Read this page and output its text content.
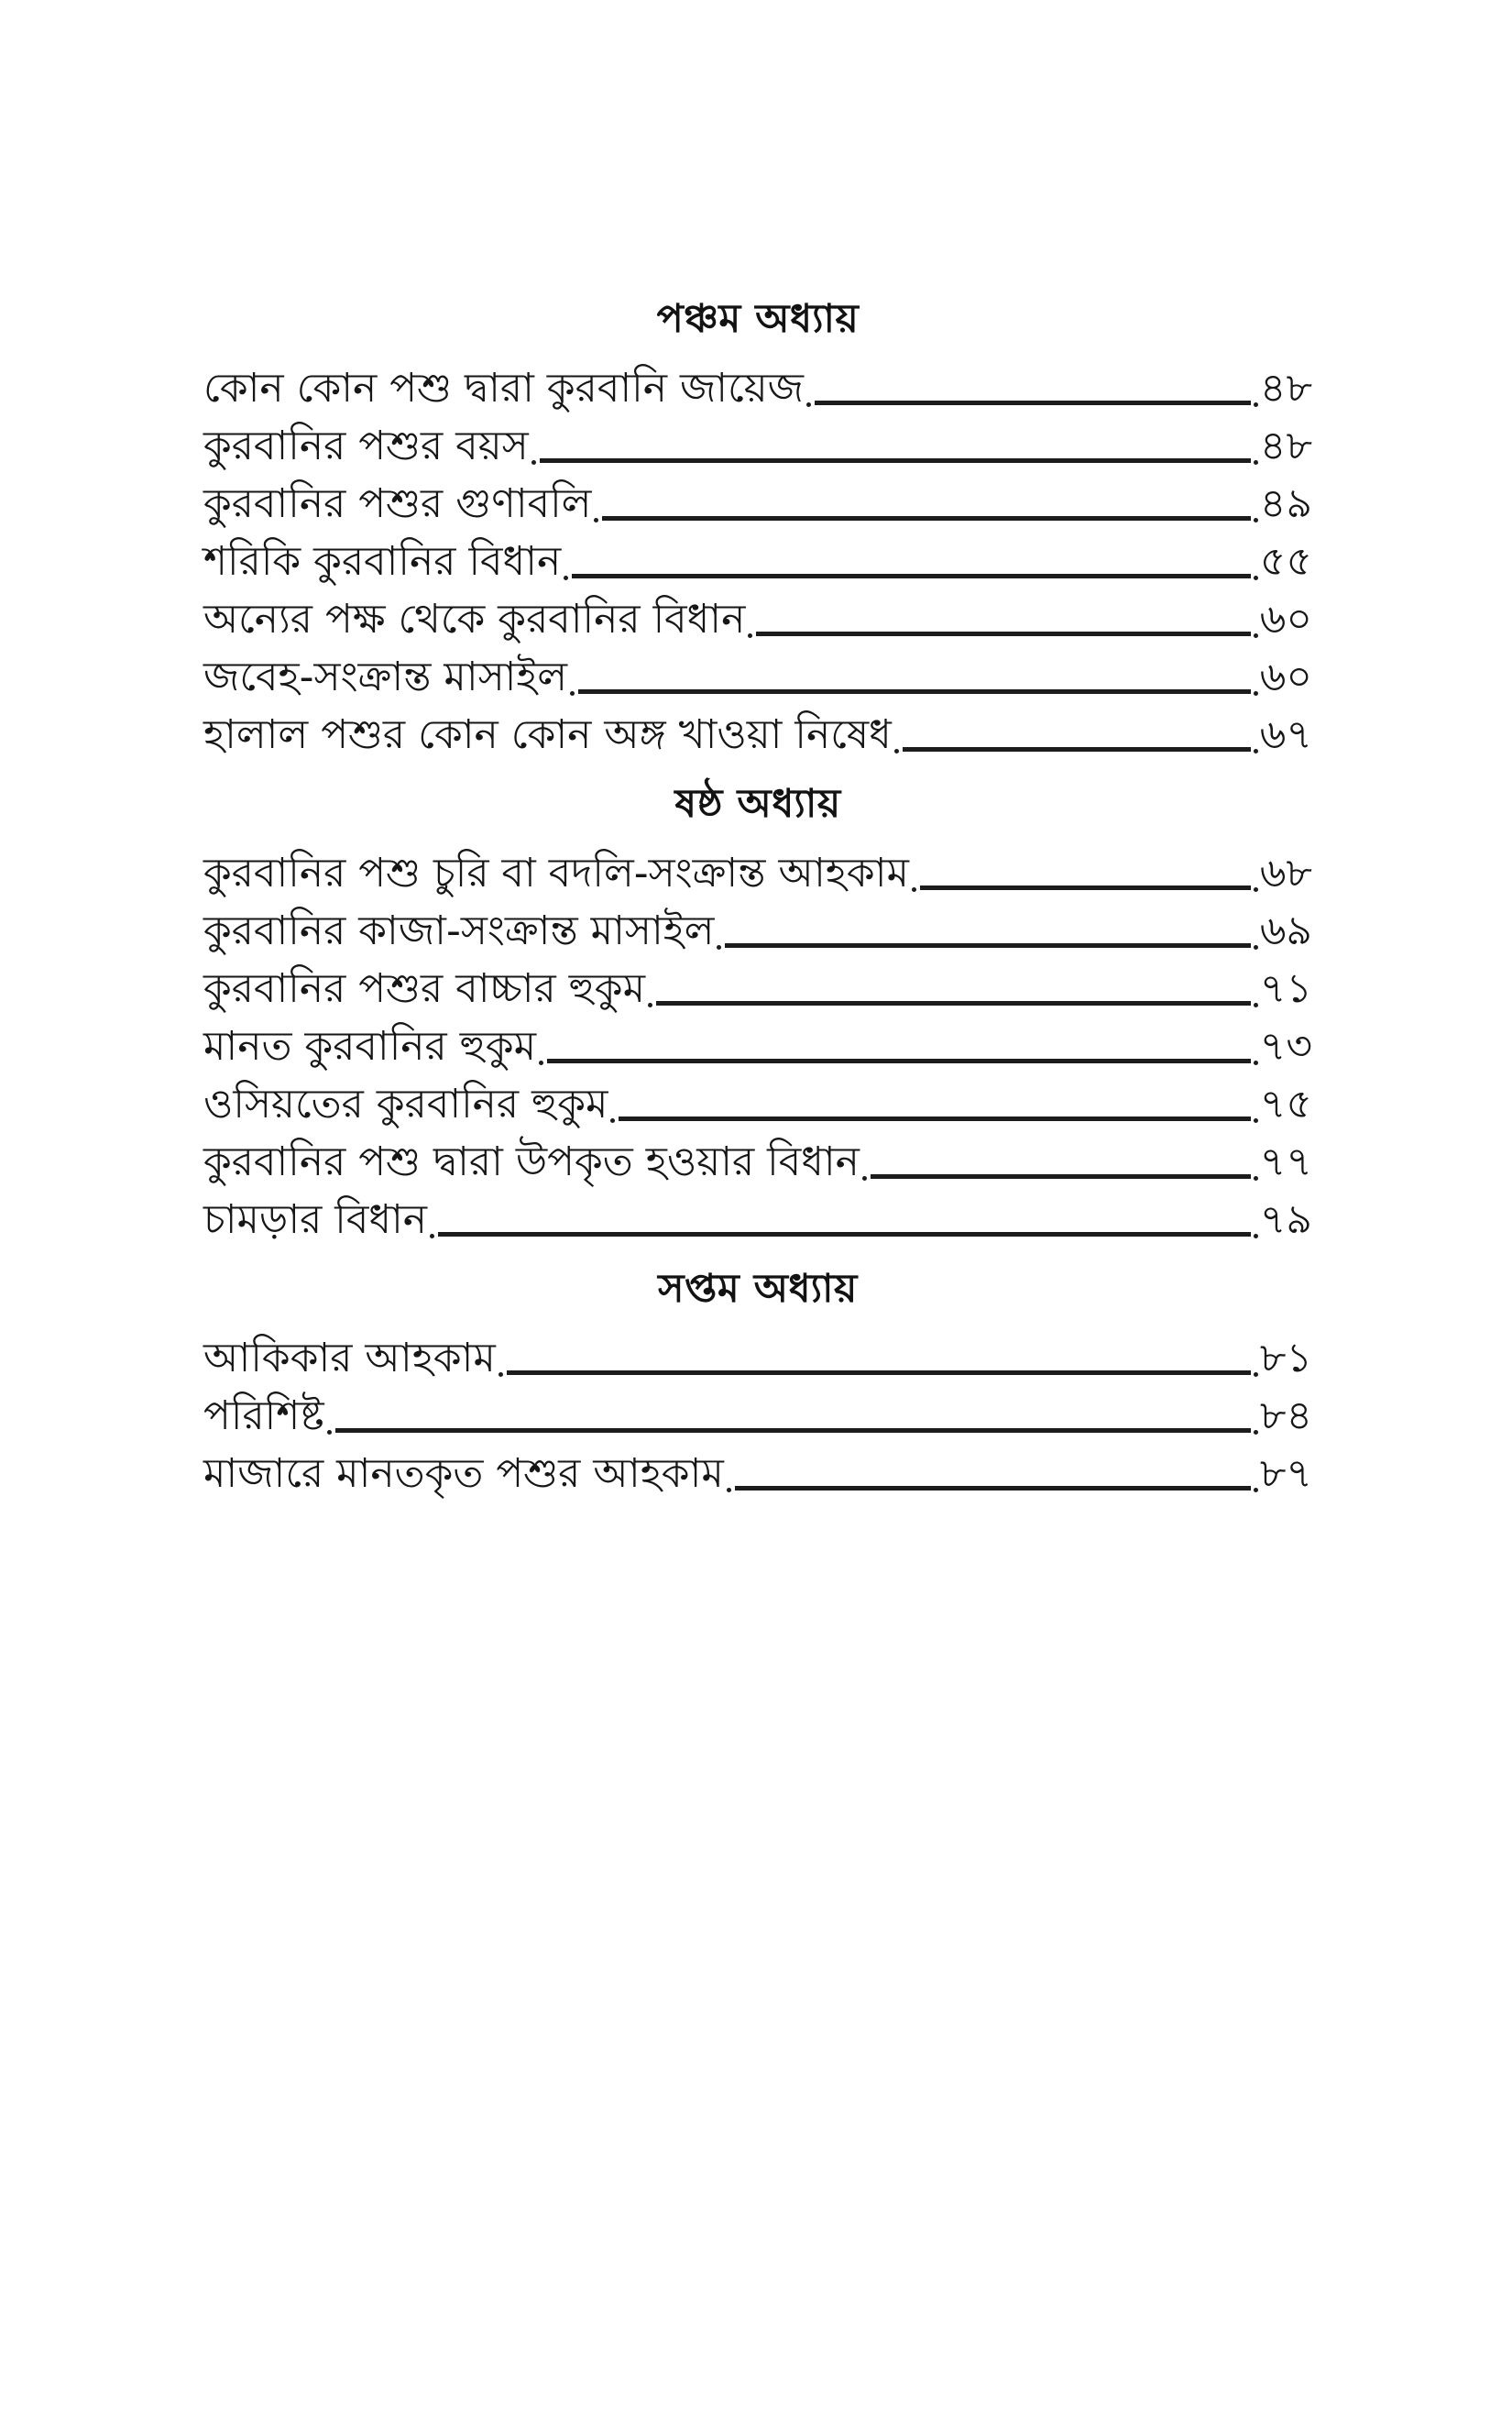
পঞ্চম অধ্যায়
কোন কোন পশু দ্বারা কুরবানি জায়েজ	৪৮
কুরবানির পশুর বয়স	৪৮
কুরবানির পশুর গুণাবলি	৪৯
শরিকি কুরবানির বিধান	৫৫
অন্যের পক্ষ থেকে কুরবানির বিধান	৬০
জবেহ-সংক্রান্ত মাসাইল	৬০
হালাল পশুর কোন কোন অঙ্গ খাওয়া নিষেধ	৬৭
ষষ্ঠ অধ্যায়
কুরবানির পশু চুরি বা বদলি-সংক্রান্ত আহকাম	৬৮
কুরবানির কাজা-সংক্রান্ত মাসাইল	৬৯
কুরবানির পশুর বাচ্চার হুকুম	৭১
মানত কুরবানির হুকুম	৭৩
ওসিয়তের কুরবানির হুকুম	৭৫
কুরবানির পশু দ্বারা উপকৃত হওয়ার বিধান	৭৭
চামড়ার বিধান	৭৯
সপ্তম অধ্যায়
আকিকার আহকাম	৮১
পরিশিষ্ট	৮৪
মাজারে মানতকৃত পশুর আহকাম	৮৭
